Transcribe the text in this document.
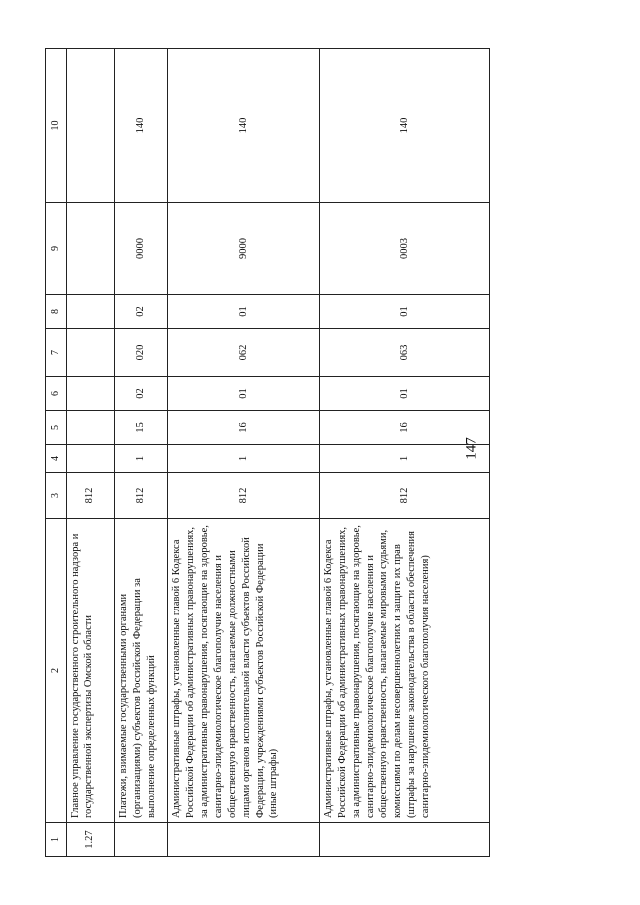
147
1	2	3	4	5	6	7	8	9	10
1.27	Главное управление государственного строительного надзора и государственной экспертизы Омской области	812							
	Платежи, взимаемые государственными органами (организациями) субъектов Российской Федерации за выполнение определенных функций	812	1	15	02	020	02	0000	140
	Административные штрафы, установленные главой 6 Кодекса Российской Федерации об административных правонарушениях, за административные правонарушения, посягающие на здоровье, санитарно-эпидемиологическое благополучие населения и общественную нравственность, налагаемые должностными лицами органов исполнительной власти субъектов Российской Федерации, учреждениями субъектов Российской Федерации (иные штрафы)	812	1	16	01	062	01	9000	140
	Административные штрафы, установленные главой 6 Кодекса Российской Федерации об административных правонарушениях, за административные правонарушения, посягающие на здоровье, санитарно-эпидемиологическое благополучие населения и общественную нравственность, налагаемые мировыми судьями, комиссиями по делам несовершеннолетних и защите их прав (штрафы за нарушение законодательства в области обеспечения санитарно-эпидемиологического благополучия населения)	812	1	16	01	063	01	0003	140
